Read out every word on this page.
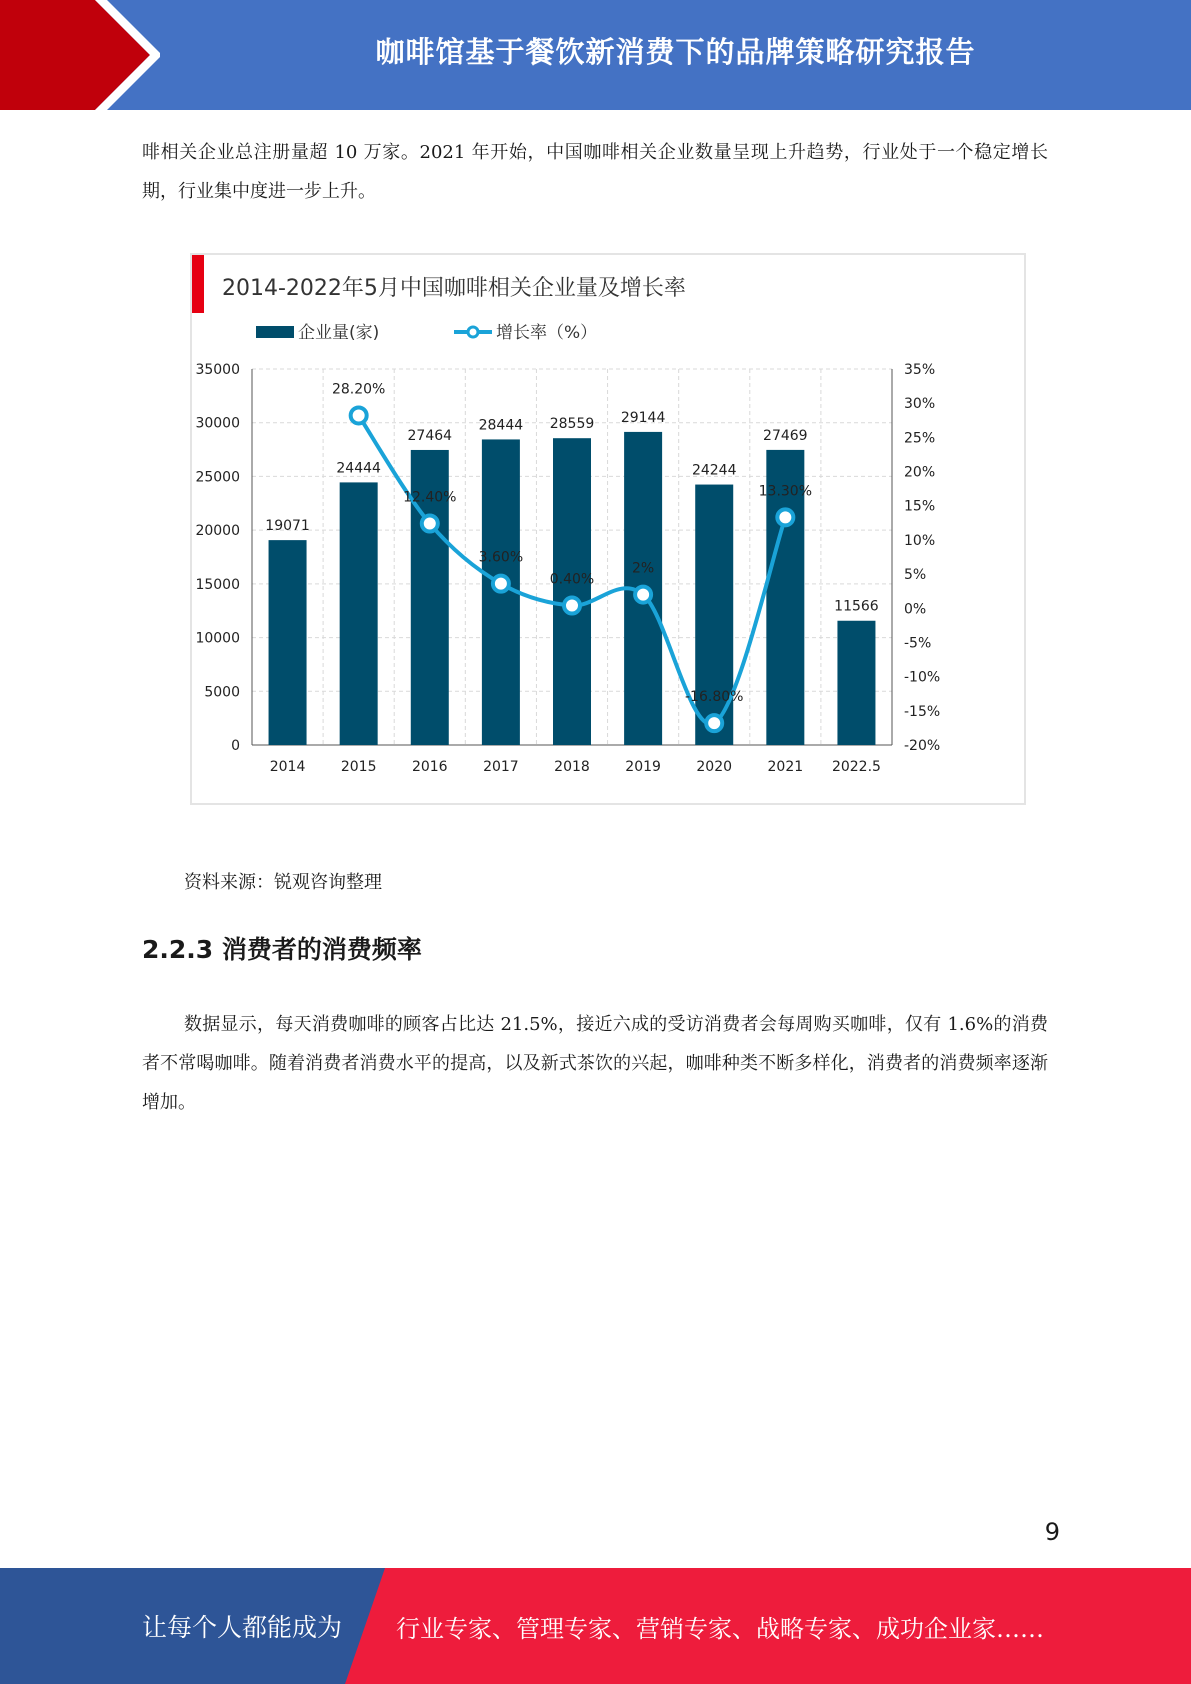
咖啡馆基于餐饮新消费下的品牌策略研究报告

啡相关企业总注册量超 10 万家。2021 年开始，中国咖啡相关企业数量呈现上升趋势，行业处于一个稳定增长期，行业集中度进一步上升。

2014-2022年5月中国咖啡相关企业量及增长率
企业量(家)	增长率（%）
0
5000
10000
15000
20000
25000
30000
35000
-20%
-15%
-10%
-5%
0%
5%
10%
15%
20%
25%
30%
35%
19071
24444
27464
28444 28559 29144
24244
27469
11566
2014	2015	2016	2017	2018	2019	2020	2021 2022.5
28.20%
12.40%
3.60%
0.40%
2%
-16.80%
13.30%
资料来源：锐观咨询整理
2.2.3 消费者的消费频率

数据显示，每天消费咖啡的顾客占比达 21.5%，接近六成的受访消费者会每周购买咖啡，仅有 1.6%的消费者不常喝咖啡。随着消费者消费水平的提高，以及新式茶饮的兴起，咖啡种类不断多样化，消费者的消费频率逐渐增加。

9
让每个人都能成为 行业专家、管理专家、营销专家、战略专家、成功企业家……
